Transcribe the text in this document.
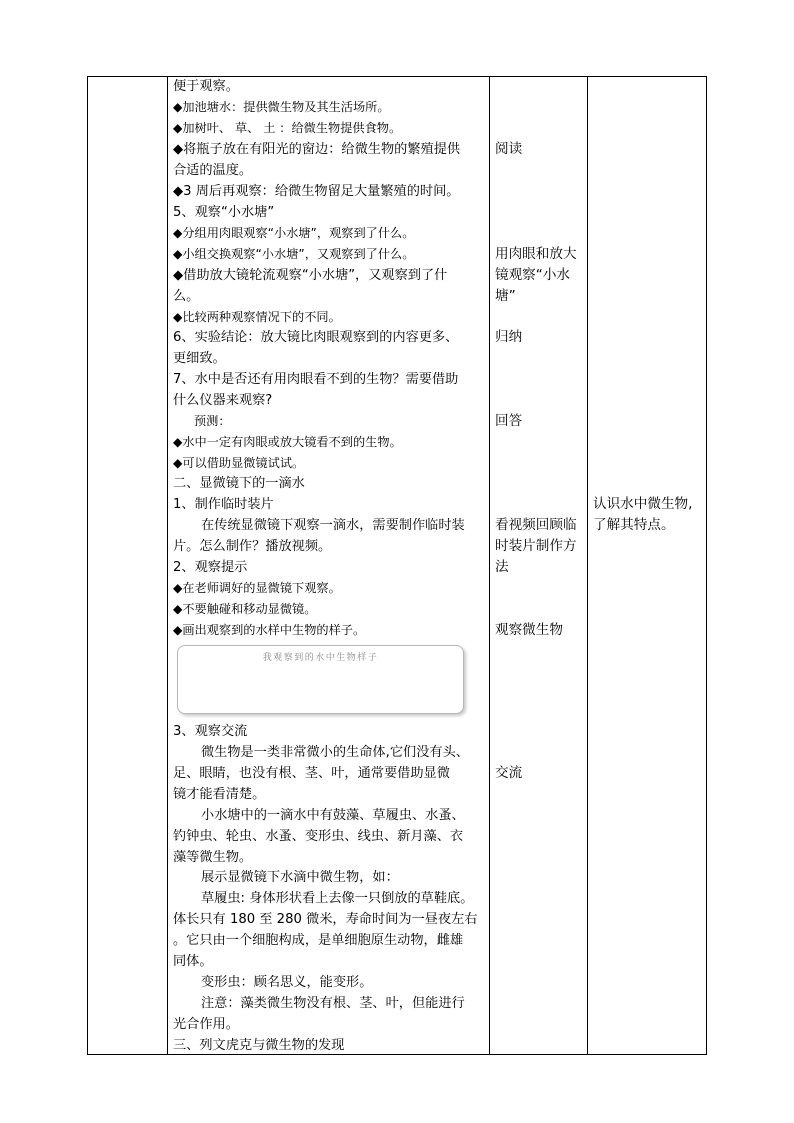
便于观察。
◆加池塘水：提供微生物及其生活场所。
◆加树叶、 草、 土 ：给微生物提供食物。
◆将瓶子放在有阳光的窗边：给微生物的繁殖提供
合适的温度。
◆3 周后再观察：给微生物留足大量繁殖的时间。
5、观察“小水塘”
◆分组用肉眼观察“小水塘”，观察到了什么。
◆小组交换观察“小水塘”，又观察到了什么。
◆借助放大镜轮流观察“小水塘”，又观察到了什
么。
◆比较两种观察情况下的不同。
6、实验结论：放大镜比肉眼观察到的内容更多、
更细致。
7、水中是否还有用肉眼看不到的生物？需要借助
什么仪器来观察?
预测：
◆水中一定有肉眼或放大镜看不到的生物。
◆可以借助显微镜试试。
二、显微镜下的一滴水
1、制作临时装片
在传统显微镜下观察一滴水，需要制作临时装
片。怎么制作？播放视频。
2、观察提示
◆在老师调好的显微镜下观察。
◆不要触碰和移动显微镜。
◆画出观察到的水样中生物的样子。
我观察到的水中生物样子
3、观察交流
微生物是一类非常微小的生命体,它们没有头、
足、眼睛，也没有根、茎、叶，通常要借助显微
镜才能看清楚。
小水塘中的一滴水中有鼓藻、草履虫、水蚤、
钓钟虫、轮虫、水蚤、变形虫、线虫、新月藻、衣
藻等微生物。
展示显微镜下水滴中微生物，如：
草履虫: 身体形状看上去像一只倒放的草鞋底。
体长只有 180 至 280 微米，寿命时间为一昼夜左右
。它只由一个细胞构成，是单细胞原生动物，雌雄
同体。
变形虫：顾名思义，能变形。
注意：藻类微生物没有根、茎、叶，但能进行
光合作用。
三、列文虎克与微生物的发现
阅读
用肉眼和放大
镜观察“小水
塘”
归纳
回答
看视频回顾临
时装片制作方
法
观察微生物
交流
认识水中微生物,
了解其特点。
